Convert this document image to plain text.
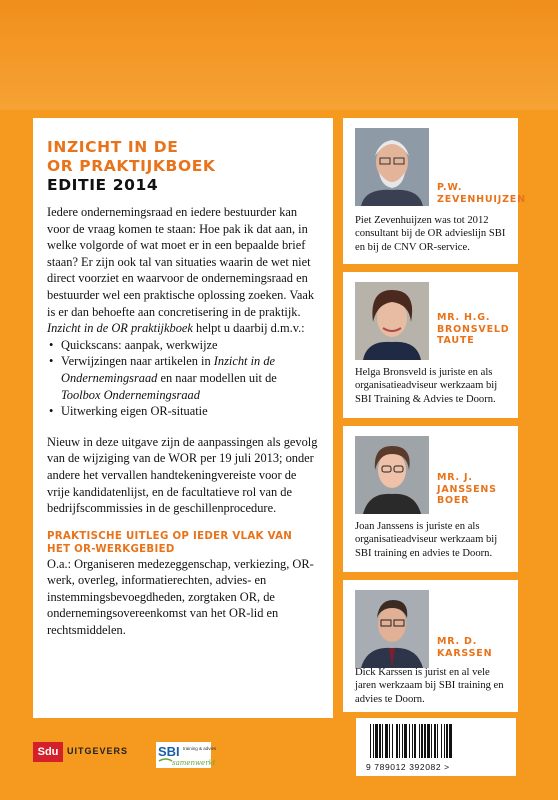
INZICHT IN DE
OR PRAKTIJKBOEK
EDITIE 2014

Iedere ondernemingsraad en iedere bestuurder kan voor de vraag komen te staan: Hoe pak ik dat aan, in welke volgorde of wat moet er in een bepaalde brief staan? Er zijn ook tal van situaties waarin de wet niet direct voorziet en waarvoor de ondernemingsraad en bestuurder wel een praktische oplossing zoeken. Vaak is er dan behoefte aan concretisering in de praktijk.

Inzicht in de OR praktijkboek helpt u daarbij d.m.v.:

• Quickscans: aanpak, werkwijze
• Verwijzingen naar artikelen in Inzicht in de Ondernemingsraad en naar modellen uit de Toolbox Ondernemingsraad
• Uitwerking eigen OR-situatie

Nieuw in deze uitgave zijn de aanpassingen als gevolg van de wijziging van de WOR per 19 juli 2013; onder andere het vervallen handtekeningvereiste voor de vrije kandidatenlijst, en de facultatieve rol van de bedrijfscommissies in de geschillenprocedure.

PRAKTISCHE UITLEG OP IEDER VLAK VAN HET OR-WERKGEBIED

O.a.: Organiseren medezeggenschap, verkiezing, OR-werk, overleg, informatierechten, advies- en instemmingsbevoegdheden, zorgtaken OR, de ondernemingsovereenkomst van het OR-lid en rechtsmiddelen.

P.W.
ZEVENHUIJZEN
Piet Zevenhuijzen was tot 2012 consultant bij de OR advieslijn SBI en bij de CNV OR-service.
MR. H.G.
BRONSVELD
TAUTE
Helga Bronsveld is juriste en als organisatieadviseur werkzaam bij SBI Training & Advies te Doorn.
MR. J.
JANSSENS
BOER
Joan Janssens is juriste en als organisatieadviseur werkzaam bij SBI training en advies te Doorn.
MR. D.
KARSSEN
Dick Karssen is jurist en al vele jaren werkzaam bij SBI training en advies te Doorn.
Sdu UITGEVERS SBI training & advies
samenwerkt	9 789012 392082 >
